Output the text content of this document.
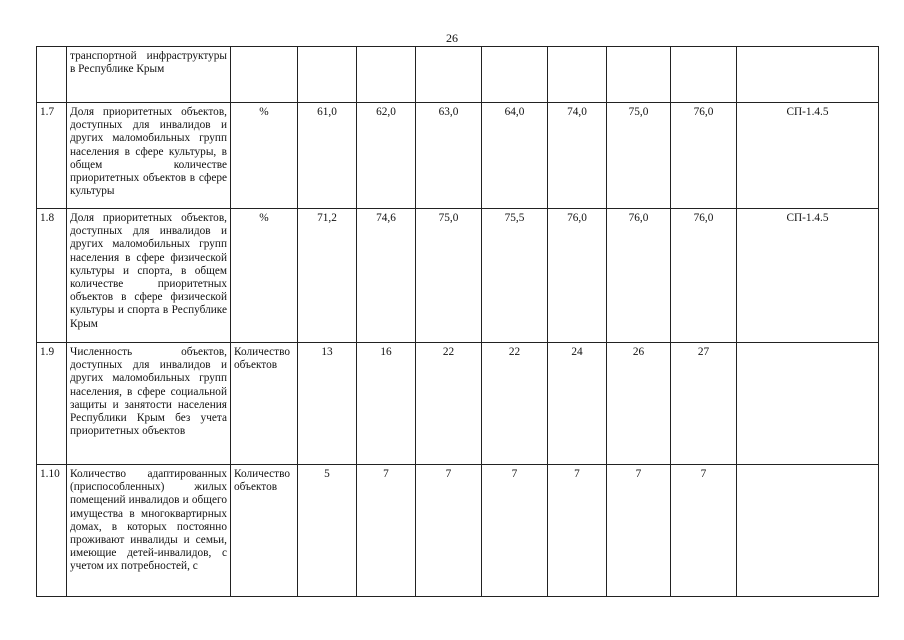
26

	транспортной инфраструктуры в Республике Крым									

1.7	Доля приоритетных объектов, доступных для инвалидов и других маломобильных групп населения в сфере культуры, в общем количестве приоритетных объектов в сфере культуры	%	61,0	62,0	63,0	64,0	74,0	75,0	76,0	СП-1.4.5
1.8	Доля приоритетных объектов, доступных для инвалидов и других маломобильных групп населения в сфере физической культуры и спорта, в общем количестве приоритетных объектов в сфере физической культуры и спорта в Республике Крым	%	71,2	74,6	75,0	75,5	76,0	76,0	76,0	СП-1.4.5
1.9	Численность объектов, доступных для инвалидов и других маломобильных групп населения, в сфере социальной защиты и занятости населения Республики Крым без учета приоритетных объектов	Количество объектов	13	16	22	22	24	26	27	
1.10	Количество адаптированных (приспособленных) жилых помещений инвалидов и общего имущества в многоквартирных домах, в которых постоянно проживают инвалиды и семьи, имеющие детей-инвалидов, с учетом их потребностей, с	Количество объектов	5	7	7	7	7	7	7	
